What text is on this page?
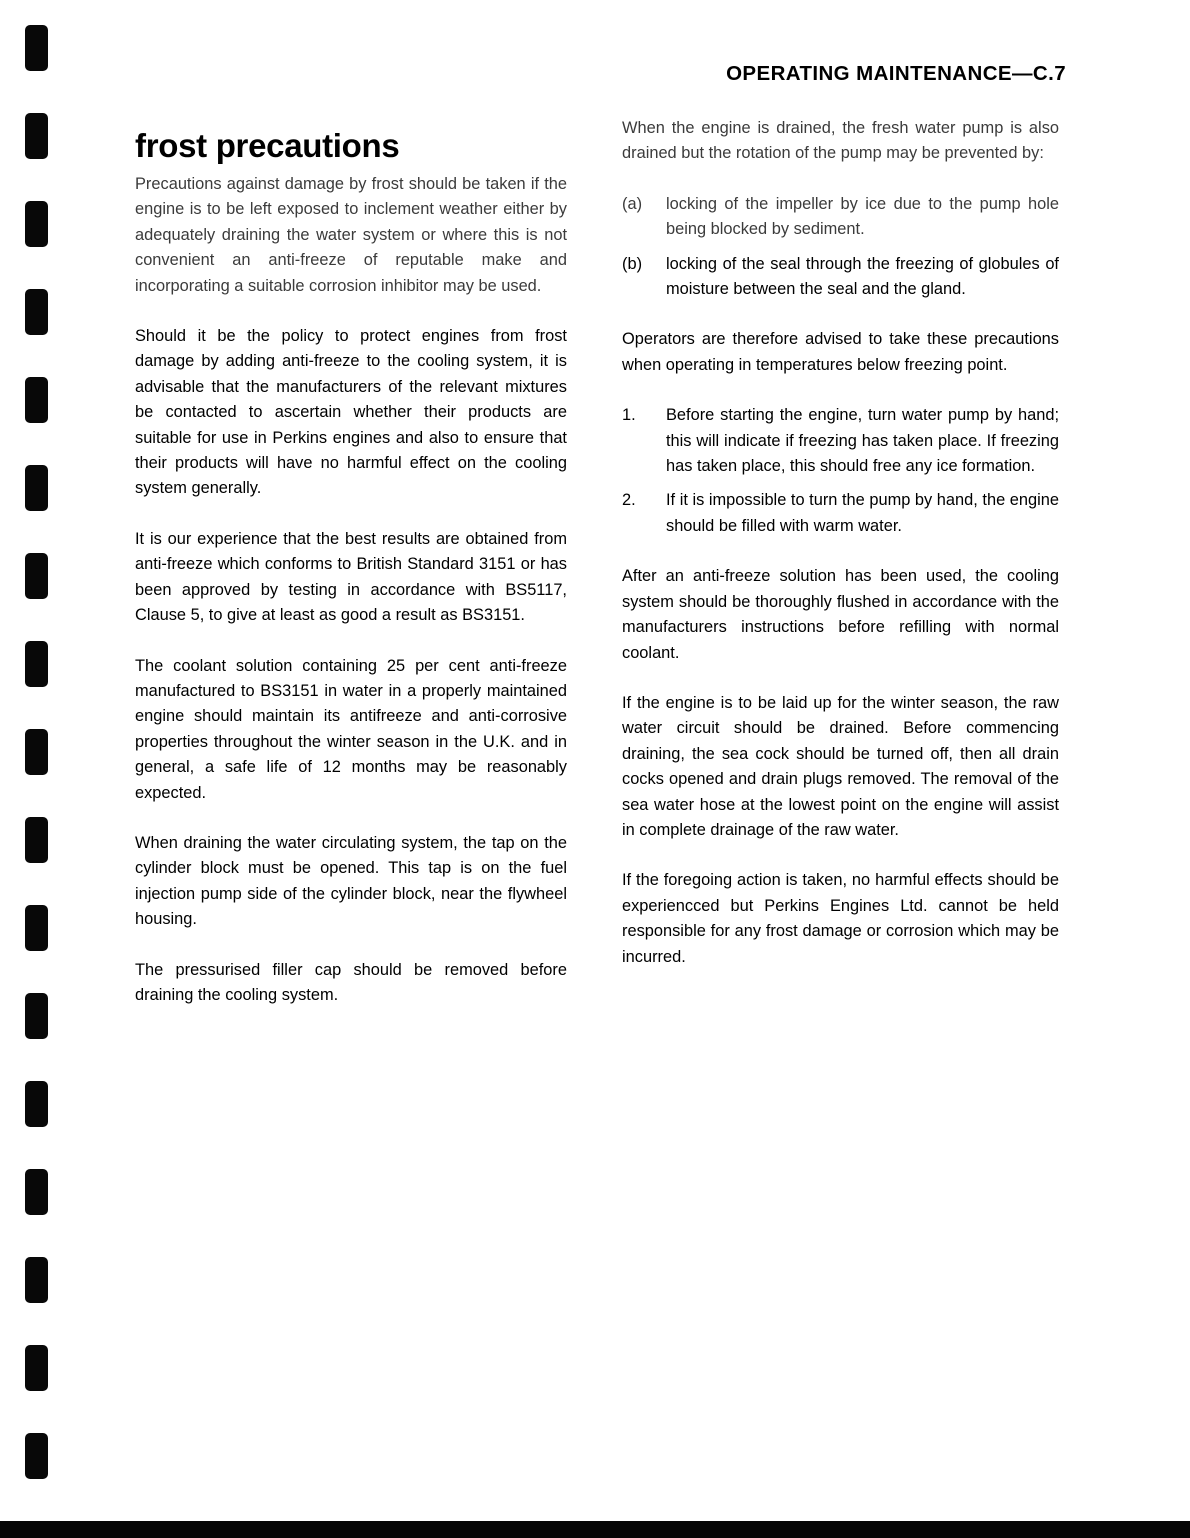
OPERATING MAINTENANCE—C.7
frost precautions

Precautions against damage by frost should be taken if the engine is to be left exposed to inclement weather either by adequately draining the water system or where this is not convenient an anti-freeze of reputable make and incorporating a suitable corrosion inhibitor may be used.

Should it be the policy to protect engines from frost damage by adding anti-freeze to the cooling system, it is advisable that the manufacturers of the relevant mixtures be contacted to ascertain whether their products are suitable for use in Perkins engines and also to ensure that their products will have no harmful effect on the cooling system generally.

It is our experience that the best results are obtained from anti-freeze which conforms to British Standard 3151 or has been approved by testing in accordance with BS5117, Clause 5, to give at least as good a result as BS3151.

The coolant solution containing 25 per cent anti-freeze manufactured to BS3151 in water in a properly maintained engine should maintain its antifreeze and anti-corrosive properties throughout the winter season in the U.K. and in general, a safe life of 12 months may be reasonably expected.

When draining the water circulating system, the tap on the cylinder block must be opened. This tap is on the fuel injection pump side of the cylinder block, near the flywheel housing.

The pressurised filler cap should be removed before draining the cooling system.

When the engine is drained, the fresh water pump is also drained but the rotation of the pump may be prevented by:

(a)	locking of the impeller by ice due to the pump hole being blocked by sediment.
(b)	locking of the seal through the freezing of globules of moisture between the seal and the gland.

Operators are therefore advised to take these precautions when operating in temperatures below freezing point.

1.	Before starting the engine, turn water pump by hand; this will indicate if freezing has taken place. If freezing has taken place, this should free any ice formation.
2.	If it is impossible to turn the pump by hand, the engine should be filled with warm water.

After an anti-freeze solution has been used, the cooling system should be thoroughly flushed in accordance with the manufacturers instructions before refilling with normal coolant.

If the engine is to be laid up for the winter season, the raw water circuit should be drained. Before commencing draining, the sea cock should be turned off, then all drain cocks opened and drain plugs removed. The removal of the sea water hose at the lowest point on the engine will assist in complete drainage of the raw water.

If the foregoing action is taken, no harmful effects should be experiencced but Perkins Engines Ltd. cannot be held responsible for any frost damage or corrosion which may be incurred.
